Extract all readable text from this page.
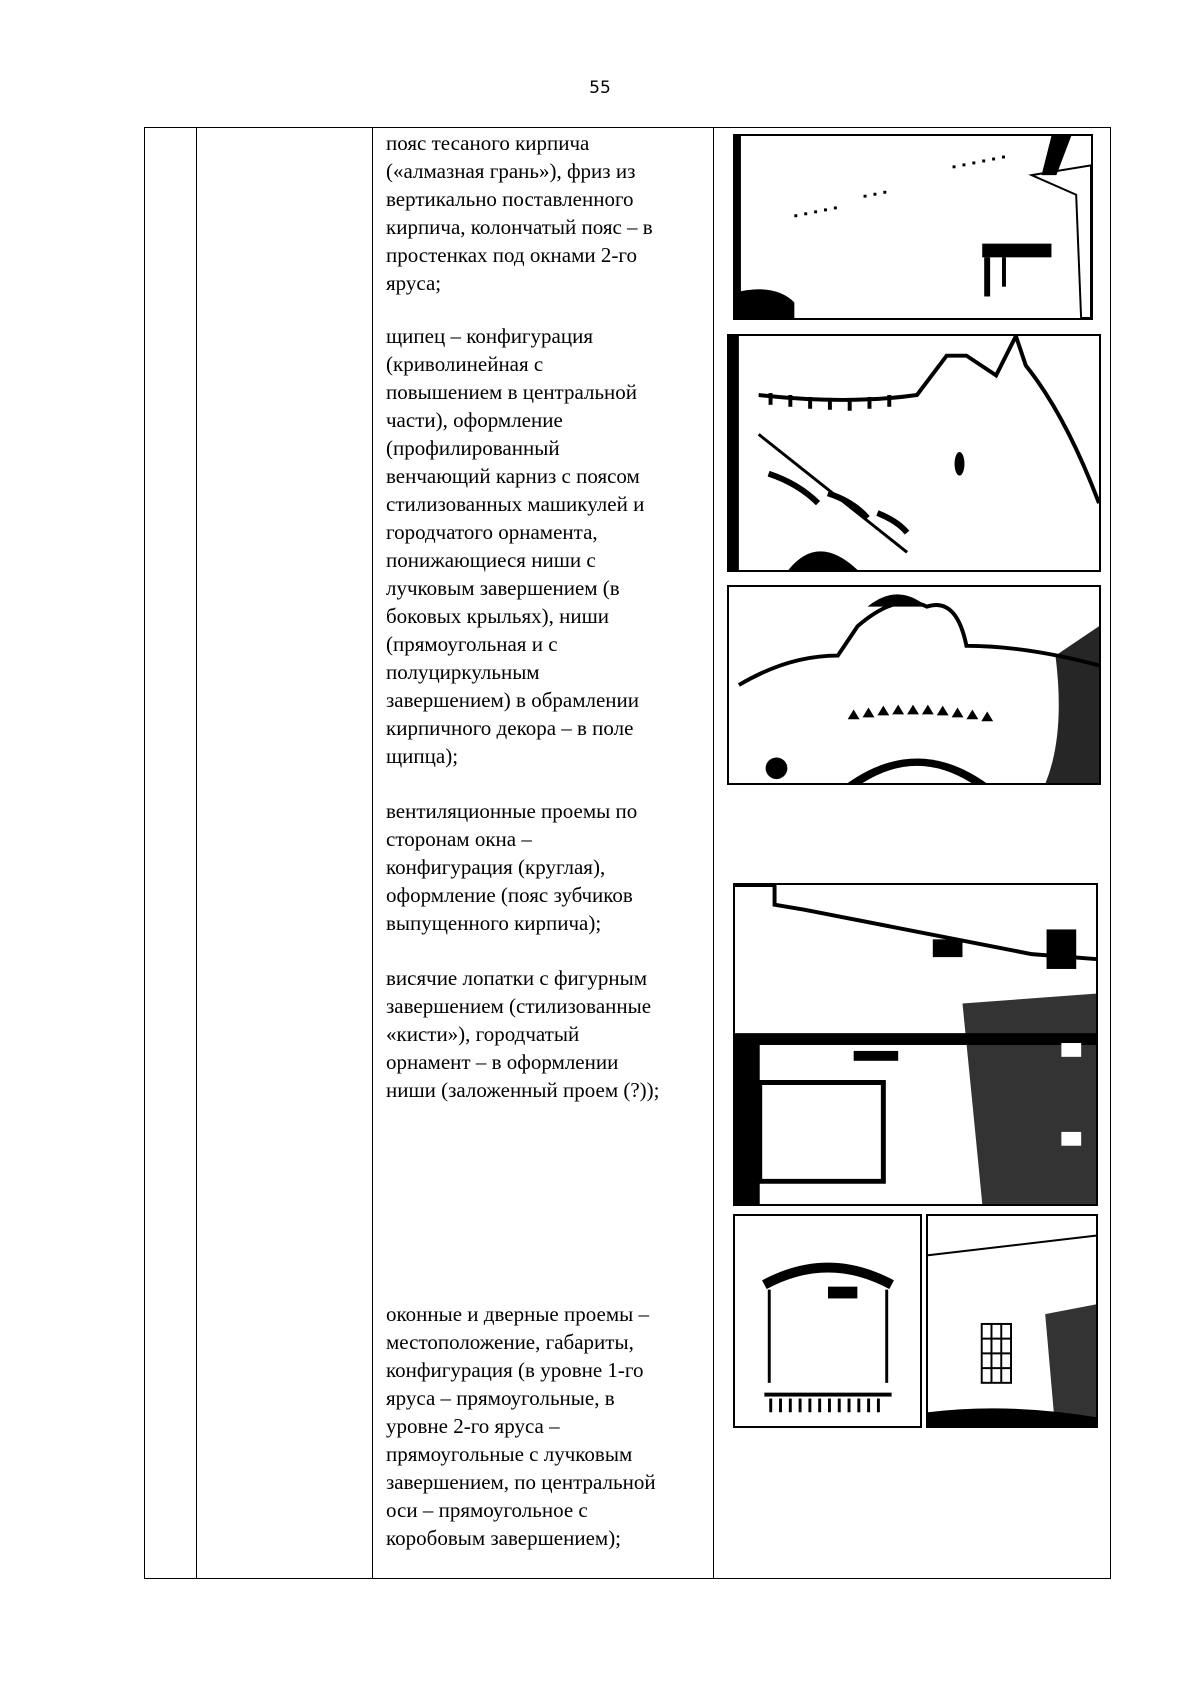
55
пояс тесаного кирпича
(«алмазная грань»), фриз из
вертикально поставленного
кирпича, колончатый пояс – в
простенках под окнами 2-го
яруса;
щипец – конфигурация
(криволинейная с
повышением в центральной
части), оформление
(профилированный
венчающий карниз с поясом
стилизованных машикулей и
городчатого орнамента,
понижающиеся ниши с
лучковым завершением (в
боковых крыльях), ниши
(прямоугольная и с
полуциркульным
завершением) в обрамлении
кирпичного декора – в поле
щипца);
вентиляционные проемы по
сторонам окна –
конфигурация (круглая),
оформление (пояс зубчиков
выпущенного кирпича);
висячие лопатки с фигурным
завершением (стилизованные
«кисти»), городчатый
орнамент – в оформлении
ниши (заложенный проем (?));
оконные и дверные проемы –
местоположение, габариты,
конфигурация (в уровне 1-го
яруса – прямоугольные, в
уровне 2-го яруса –
прямоугольные с лучковым
завершением, по центральной
оси – прямоугольное с
коробовым завершением);
